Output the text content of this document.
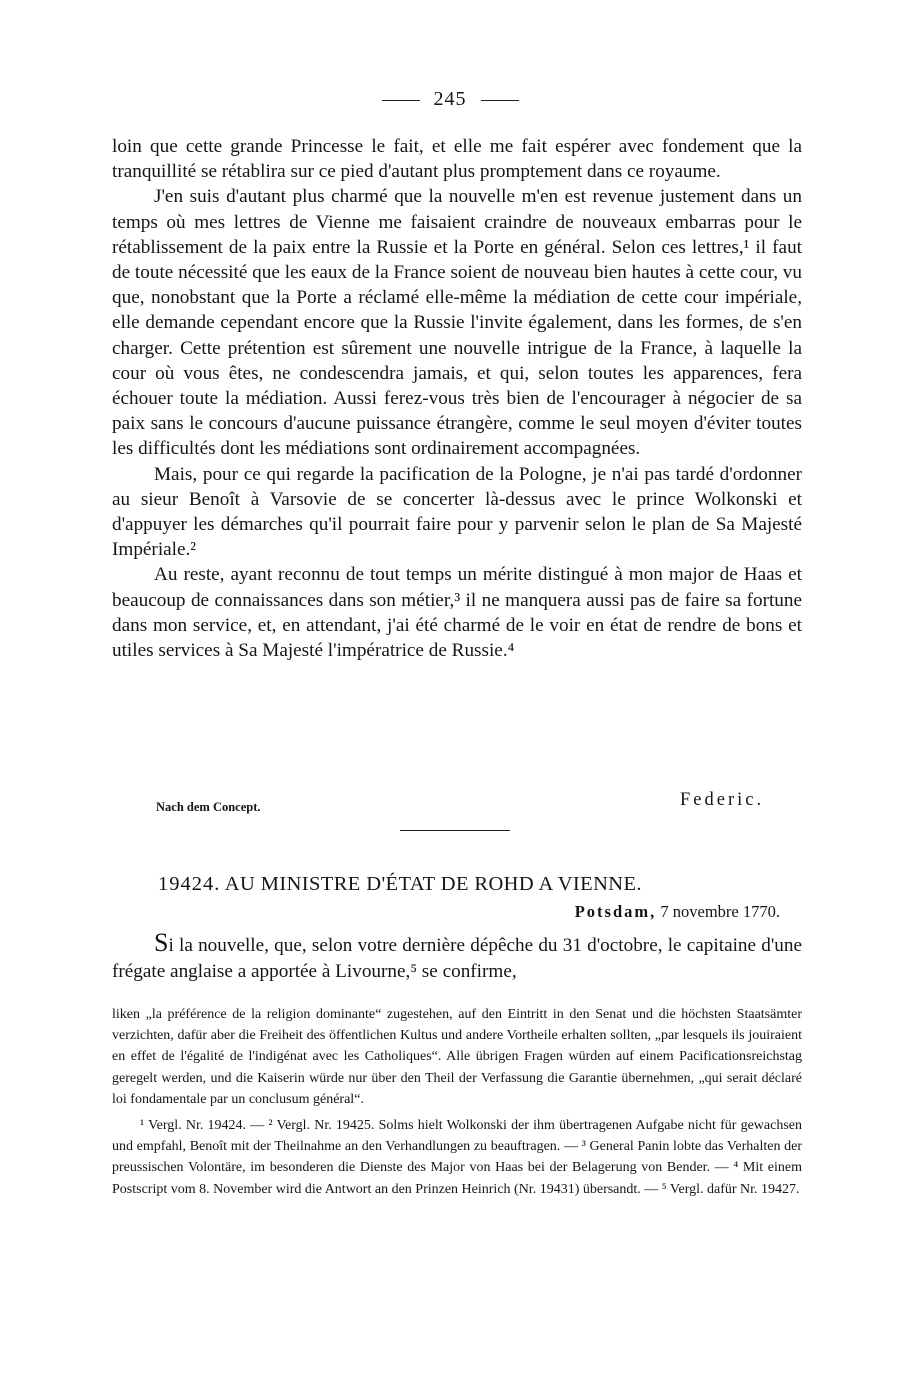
245

loin que cette grande Princesse le fait, et elle me fait espérer avec fondement que la tranquillité se rétablira sur ce pied d'autant plus promptement dans ce royaume.

J'en suis d'autant plus charmé que la nouvelle m'en est revenue justement dans un temps où mes lettres de Vienne me faisaient craindre de nouveaux embarras pour le rétablissement de la paix entre la Russie et la Porte en général. Selon ces lettres,¹ il faut de toute nécessité que les eaux de la France soient de nouveau bien hautes à cette cour, vu que, nonobstant que la Porte a réclamé elle-même la médiation de cette cour impériale, elle demande cependant encore que la Russie l'invite également, dans les formes, de s'en charger. Cette prétention est sûrement une nouvelle intrigue de la France, à laquelle la cour où vous êtes, ne condescendra jamais, et qui, selon toutes les apparences, fera échouer toute la médiation. Aussi ferez-vous très bien de l'encourager à négocier de sa paix sans le concours d'aucune puissance étrangère, comme le seul moyen d'éviter toutes les difficultés dont les médiations sont ordinairement accompagnées.

Mais, pour ce qui regarde la pacification de la Pologne, je n'ai pas tardé d'ordonner au sieur Benoît à Varsovie de se concerter là-dessus avec le prince Wolkonski et d'appuyer les démarches qu'il pourrait faire pour y parvenir selon le plan de Sa Majesté Impériale.²

Au reste, ayant reconnu de tout temps un mérite distingué à mon major de Haas et beaucoup de connaissances dans son métier,³ il ne manquera aussi pas de faire sa fortune dans mon service, et, en attendant, j'ai été charmé de le voir en état de rendre de bons et utiles services à Sa Majesté l'impératrice de Russie.⁴

Nach dem Concept.	Federic.
19424. AU MINISTRE D'ÉTAT DE ROHD A VIENNE.
Potsdam, 7 novembre 1770.

Si la nouvelle, que, selon votre dernière dépêche du 31 d'octobre, le capitaine d'une frégate anglaise a apportée à Livourne,⁵ se confirme,

liken „la préférence de la religion dominante“ zugestehen, auf den Eintritt in den Senat und die höchsten Staatsämter verzichten, dafür aber die Freiheit des öffentlichen Kultus und andere Vortheile erhalten sollten, „par lesquels ils jouiraient en effet de l'égalité de l'indigénat avec les Catholiques“. Alle übrigen Fragen würden auf einem Pacificationsreichstag geregelt werden, und die Kaiserin würde nur über den Theil der Verfassung die Garantie übernehmen, „qui serait déclaré loi fondamentale par un conclusum général“.

¹ Vergl. Nr. 19424. — ² Vergl. Nr. 19425. Solms hielt Wolkonski der ihm übertragenen Aufgabe nicht für gewachsen und empfahl, Benoît mit der Theilnahme an den Verhandlungen zu beauftragen. — ³ General Panin lobte das Verhalten der preussischen Volontäre, im besonderen die Dienste des Major von Haas bei der Belagerung von Bender. — ⁴ Mit einem Postscript vom 8. November wird die Antwort an den Prinzen Heinrich (Nr. 19431) übersandt. — ⁵ Vergl. dafür Nr. 19427.
